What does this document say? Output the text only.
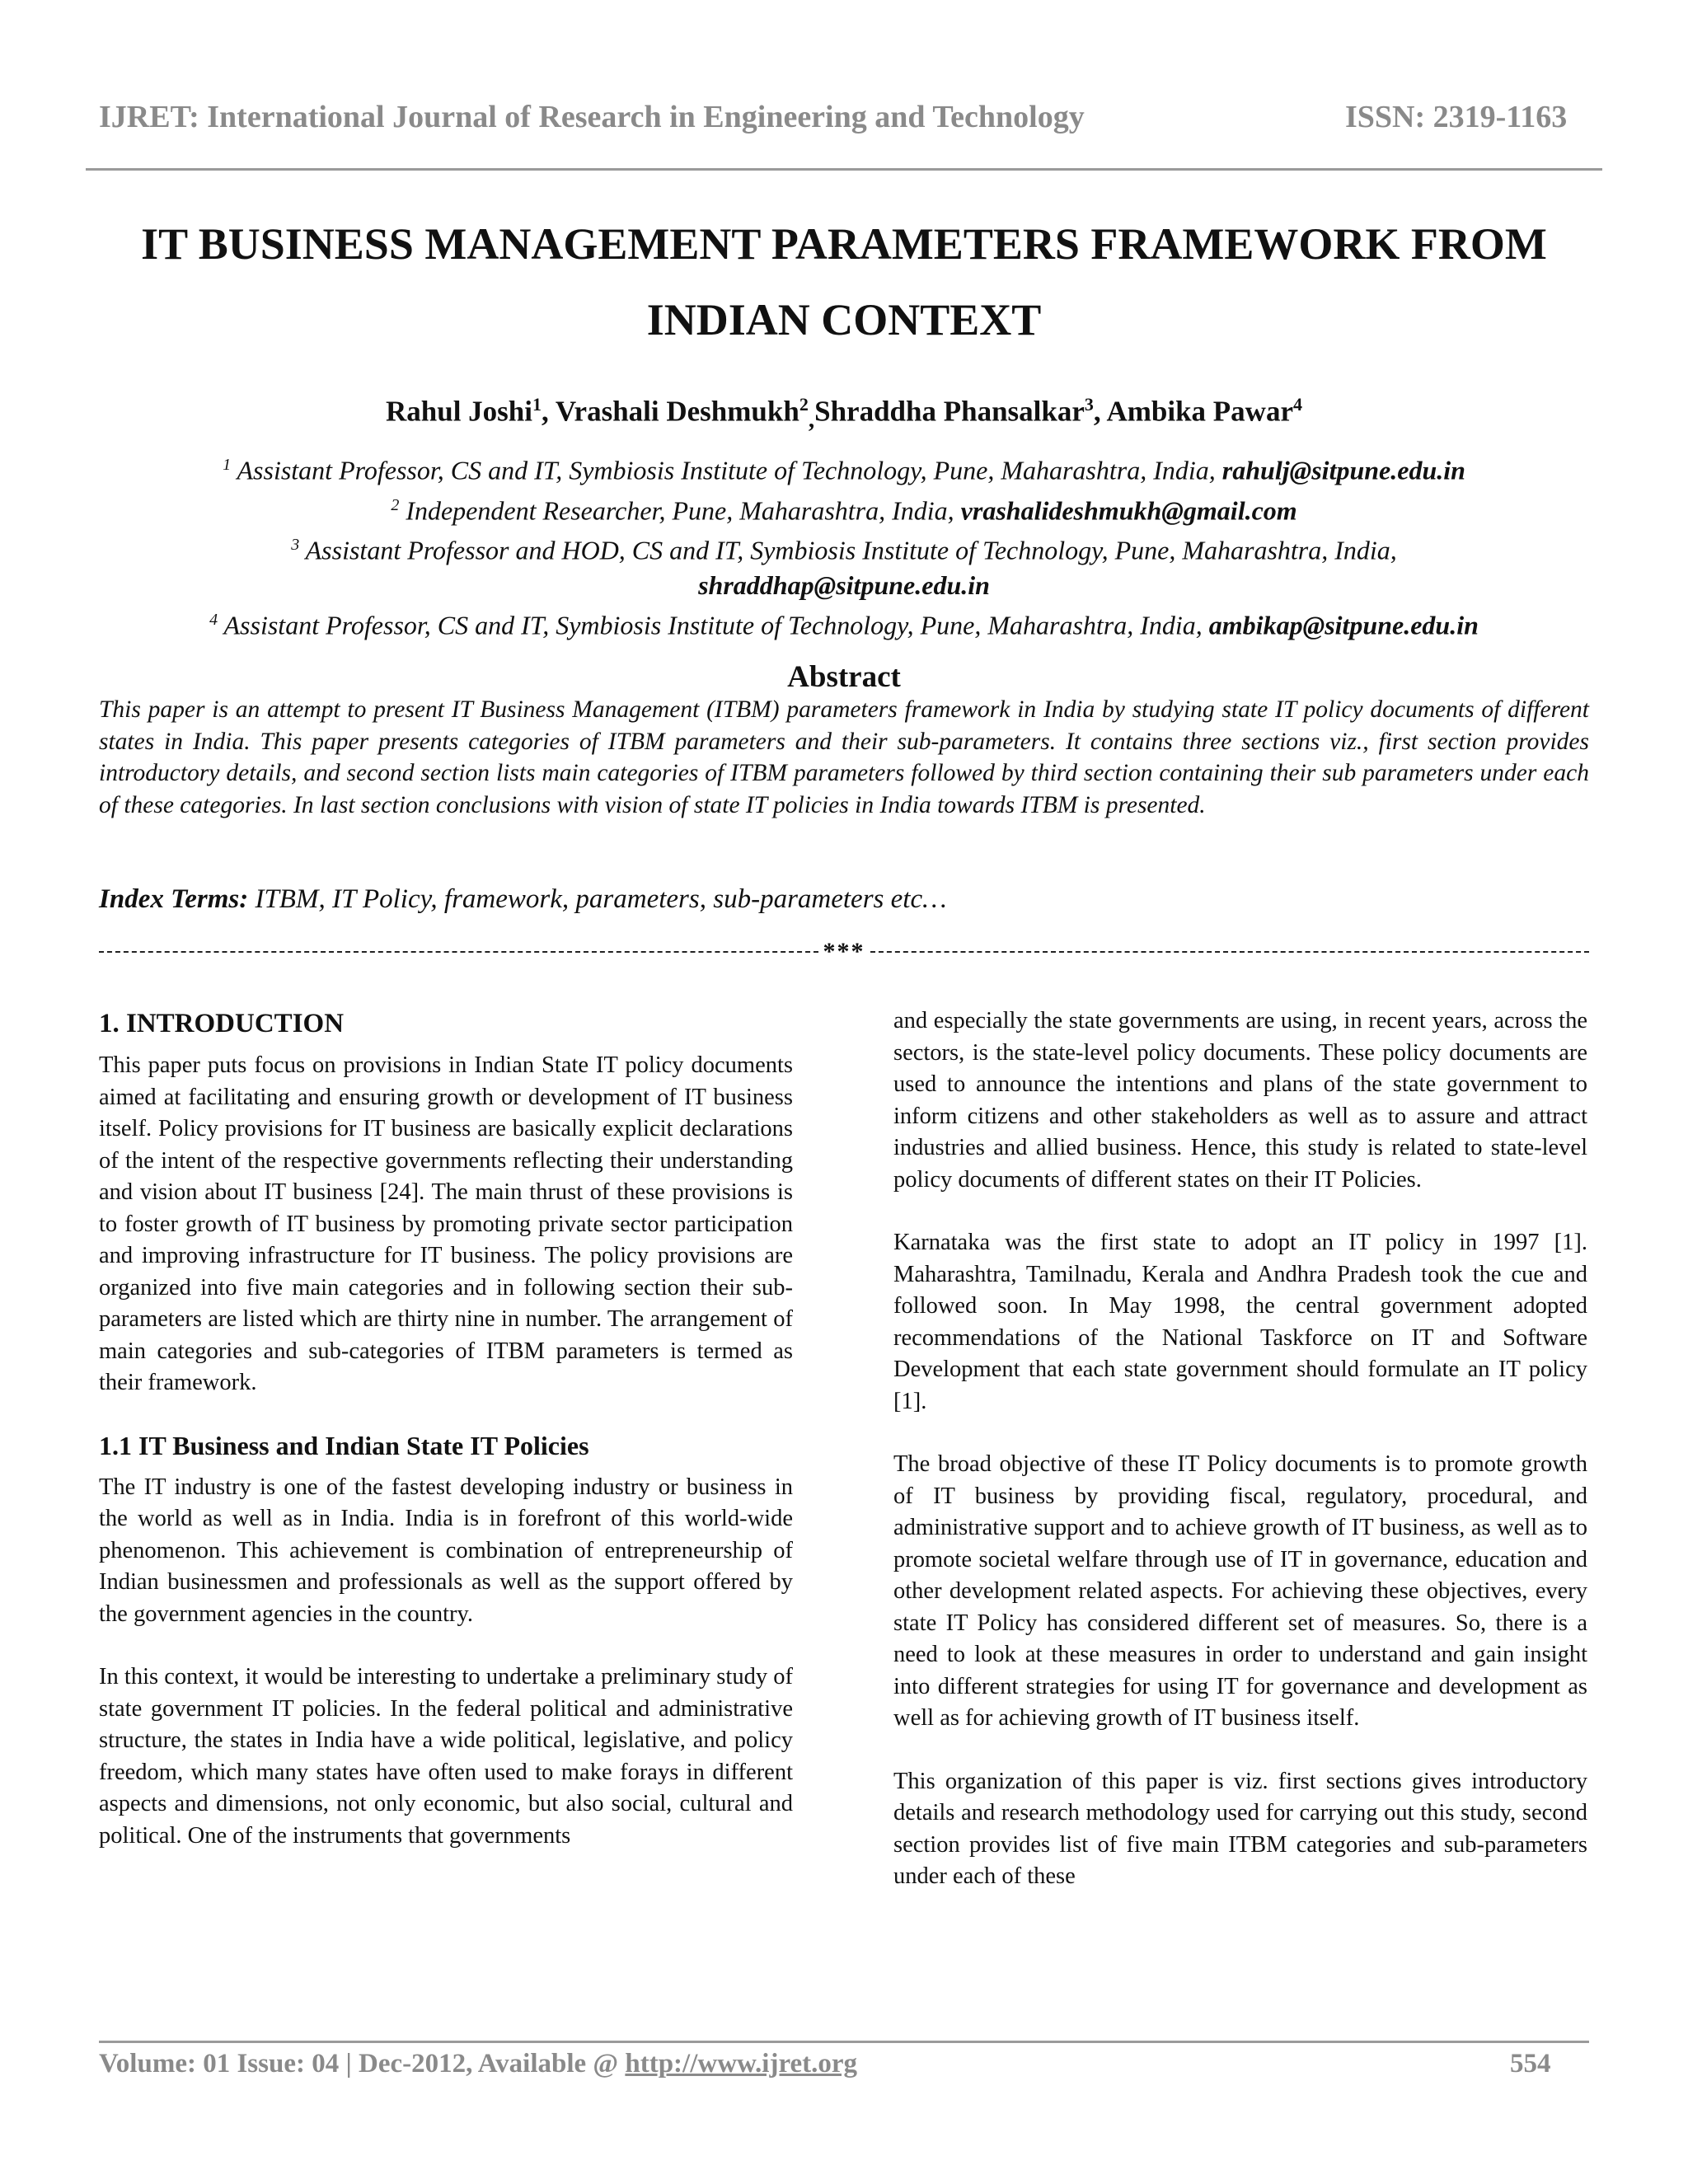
IJRET: International Journal of Research in Engineering and Technology	ISSN: 2319-1163
IT BUSINESS MANAGEMENT PARAMETERS FRAMEWORK FROM
INDIAN CONTEXT
Rahul Joshi$^1$, Vrashali Deshmukh$^2_,$Shraddha Phansalkar$^3$, Ambika Pawar$^4$
$^1$ Assistant Professor, CS and IT, Symbiosis Institute of Technology, Pune, Maharashtra, India, rahulj@sitpune.edu.in
$^2$ Independent Researcher, Pune, Maharashtra, India, vrashalideshmukh@gmail.com
$^3$ Assistant Professor and HOD, CS and IT, Symbiosis Institute of Technology, Pune, Maharashtra, India,
shraddhap@sitpune.edu.in
$^4$ Assistant Professor, CS and IT, Symbiosis Institute of Technology, Pune, Maharashtra, India, ambikap@sitpune.edu.in
Abstract
This paper is an attempt to present IT Business Management (ITBM) parameters framework in India by studying state IT policy documents of different states in India. This paper presents categories of ITBM parameters and their sub-parameters. It contains three sections viz., first section provides introductory details, and second section lists main categories of ITBM parameters followed by third section containing their sub parameters under each of these categories. In last section conclusions with vision of state IT policies in India towards ITBM is presented.
Index Terms: ITBM, IT Policy, framework, parameters, sub-parameters etc…
***
1. INTRODUCTION

This paper puts focus on provisions in Indian State IT policy documents aimed at facilitating and ensuring growth or development of IT business itself. Policy provisions for IT business are basically explicit declarations of the intent of the respective governments reflecting their understanding and vision about IT business [24]. The main thrust of these provisions is to foster growth of IT business by promoting private sector participation and improving infrastructure for IT business. The policy provisions are organized into five main categories and in following section their sub-parameters are listed which are thirty nine in number. The arrangement of main categories and sub-categories of ITBM parameters is termed as their framework.

1.1 IT Business and Indian State IT Policies

The IT industry is one of the fastest developing industry or business in the world as well as in India. India is in forefront of this world-wide phenomenon. This achievement is combination of entrepreneurship of Indian businessmen and professionals as well as the support offered by the government agencies in the country.

In this context, it would be interesting to undertake a preliminary study of state government IT policies. In the federal political and administrative structure, the states in India have a wide political, legislative, and policy freedom, which many states have often used to make forays in different aspects and dimensions, not only economic, but also social, cultural and political. One of the instruments that governments

and especially the state governments are using, in recent years, across the sectors, is the state-level policy documents. These policy documents are used to announce the intentions and plans of the state government to inform citizens and other stakeholders as well as to assure and attract industries and allied business. Hence, this study is related to state-level policy documents of different states on their IT Policies.

Karnataka was the first state to adopt an IT policy in 1997 [1]. Maharashtra, Tamilnadu, Kerala and Andhra Pradesh took the cue and followed soon. In May 1998, the central government adopted recommendations of the National Taskforce on IT and Software Development that each state government should formulate an IT policy [1].

The broad objective of these IT Policy documents is to promote growth of IT business by providing fiscal, regulatory, procedural, and administrative support and to achieve growth of IT business, as well as to promote societal welfare through use of IT in governance, education and other development related aspects. For achieving these objectives, every state IT Policy has considered different set of measures. So, there is a need to look at these measures in order to understand and gain insight into different strategies for using IT for governance and development as well as for achieving growth of IT business itself.

This organization of this paper is viz. first sections gives introductory details and research methodology used for carrying out this study, second section provides list of five main ITBM categories and sub-parameters under each of these

Volume: 01 Issue: 04 | Dec-2012, Available @ http://www.ijret.org	554
